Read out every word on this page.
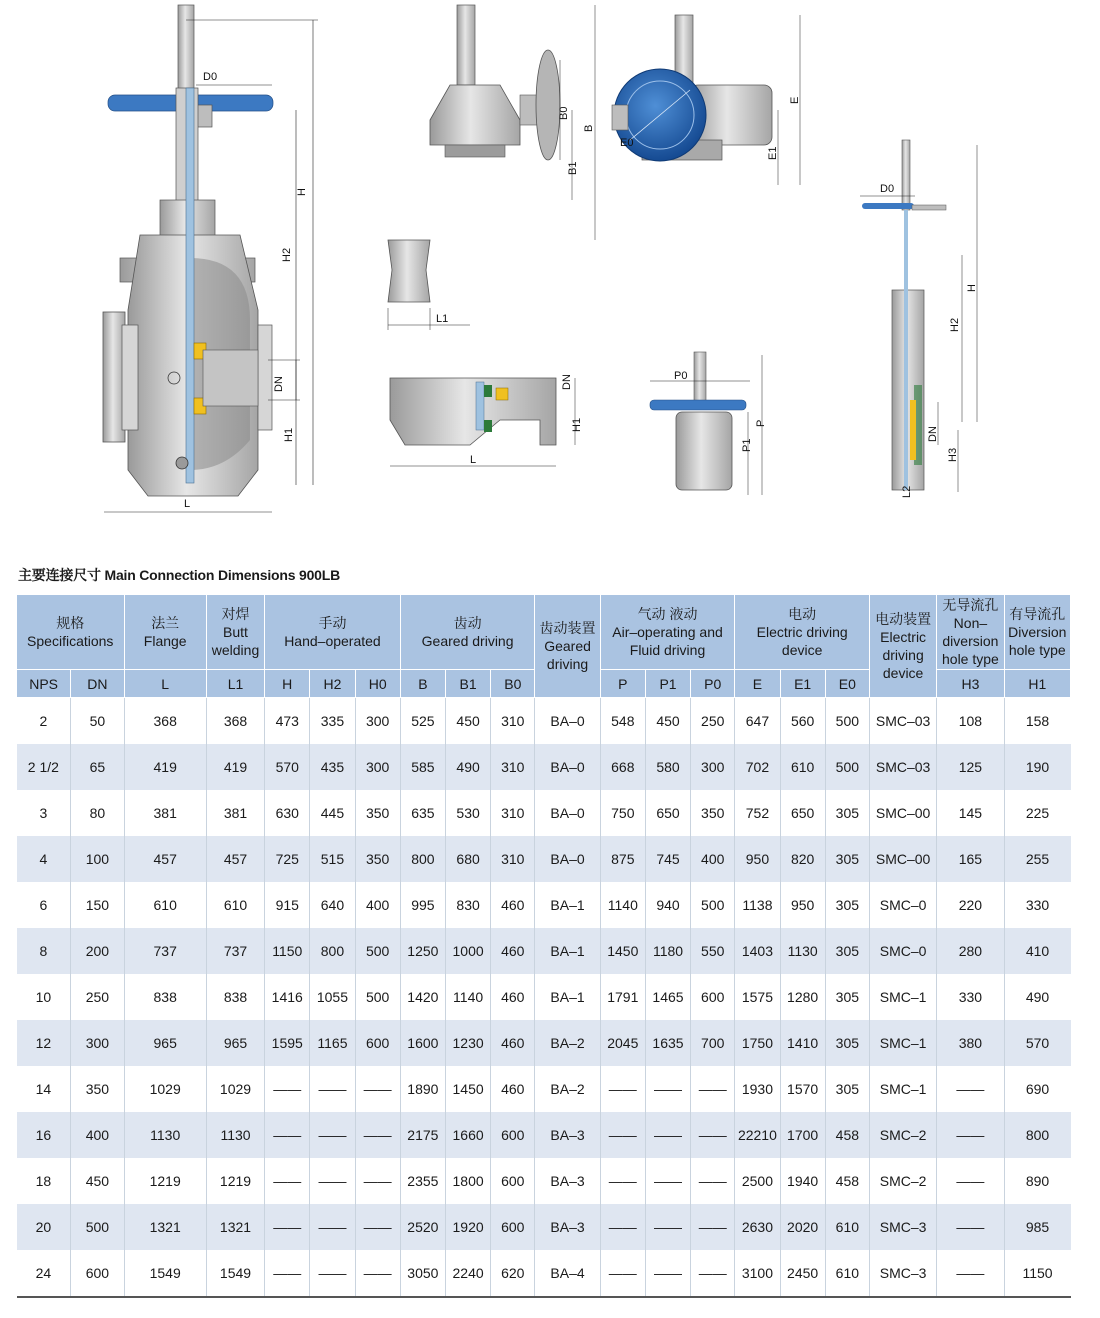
D0
H
H2
DN
H1
L
B0
B
B1
E
E1
E0
L1
L
DN
H1
P0
P
P1
D0
H
H2
DN
H3
L2
主要连接尺寸 Main Connection Dimensions 900LB
规格
Specifications		法兰
Flange	对焊
Butt welding	手动
Hand–operated			齿动
Geared driving			齿动装置
Geared driving	气动 液动
Air–operating and Fluid driving			电动
Electric driving device			电动装置
Electric driving device	无导流孔
Non–diversion hole type	有导流孔
Diversion hole type
NPS	DN	L	L1	H	H2	H0	B	B1	B0		P	P1	P0	E	E1	E0		H3	H1
2	50	368	368	473	335	300	525	450	310	BA–0	548	450	250	647	560	500	SMC–03	108	158
2 1/2	65	419	419	570	435	300	585	490	310	BA–0	668	580	300	702	610	500	SMC–03	125	190
3	80	381	381	630	445	350	635	530	310	BA–0	750	650	350	752	650	305	SMC–00	145	225
4	100	457	457	725	515	350	800	680	310	BA–0	875	745	400	950	820	305	SMC–00	165	255
6	150	610	610	915	640	400	995	830	460	BA–1	1140	940	500	1138	950	305	SMC–0	220	330
8	200	737	737	1150	800	500	1250	1000	460	BA–1	1450	1180	550	1403	1130	305	SMC–0	280	410
10	250	838	838	1416	1055	500	1420	1140	460	BA–1	1791	1465	600	1575	1280	305	SMC–1	330	490
12	300	965	965	1595	1165	600	1600	1230	460	BA–2	2045	1635	700	1750	1410	305	SMC–1	380	570
14	350	1029	1029	——	——	——	1890	1450	460	BA–2	——	——	——	1930	1570	305	SMC–1	——	690
16	400	1130	1130	——	——	——	2175	1660	600	BA–3	——	——	——	22210	1700	458	SMC–2	——	800
18	450	1219	1219	——	——	——	2355	1800	600	BA–3	——	——	——	2500	1940	458	SMC–2	——	890
20	500	1321	1321	——	——	——	2520	1920	600	BA–3	——	——	——	2630	2020	610	SMC–3	——	985
24	600	1549	1549	——	——	——	3050	2240	620	BA–4	——	——	——	3100	2450	610	SMC–3	——	1150
